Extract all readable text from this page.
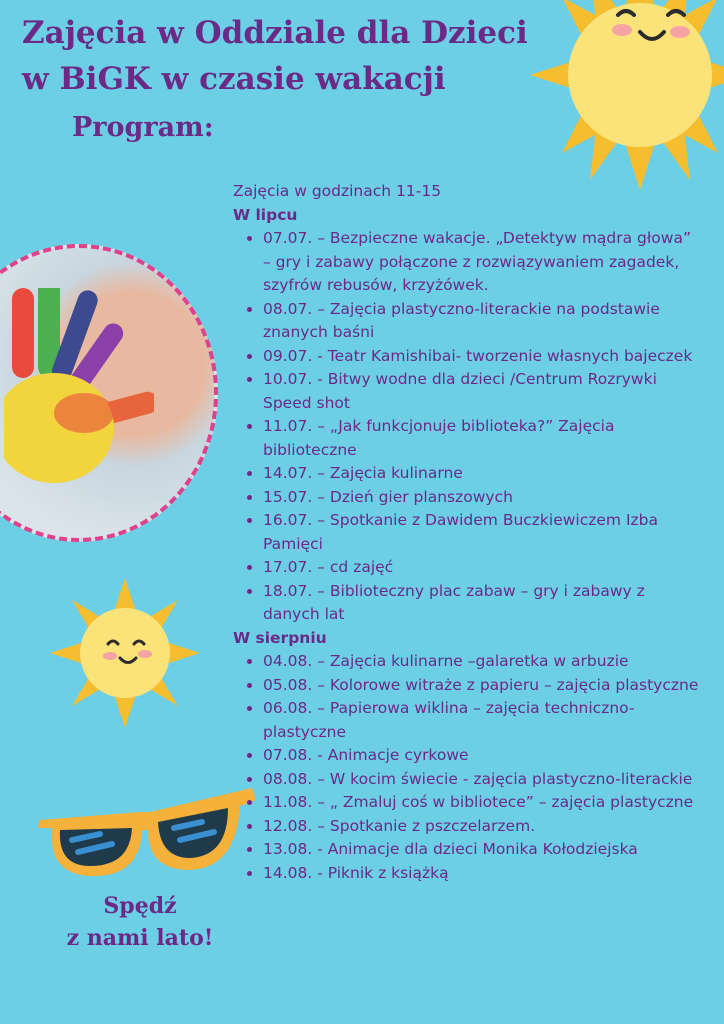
Zajęcia w Oddziale dla Dzieci
w BiGK w czasie wakacji
Program:

Spędź
z nami lato!

Zajęcia w godzinach 11-15

W lipcu

• 07.07. – Bezpieczne wakacje. „Detektyw mądra głowa” – gry i zabawy połączone z rozwiązywaniem zagadek, szyfrów rebusów, krzyżówek.
• 08.07. – Zajęcia plastyczno-literackie na podstawie znanych baśni
• 09.07. - Teatr Kamishibai- tworzenie własnych bajeczek
• 10.07. - Bitwy wodne dla dzieci /Centrum Rozrywki Speed shot
• 11.07. – „Jak funkcjonuje biblioteka?” Zajęcia biblioteczne
• 14.07. – Zajęcia kulinarne
• 15.07. – Dzień gier planszowych
• 16.07. – Spotkanie z Dawidem Buczkiewiczem Izba Pamięci
• 17.07. – cd zajęć
• 18.07. – Biblioteczny plac zabaw – gry i zabawy z danych lat

W sierpniu

• 04.08. – Zajęcia kulinarne –galaretka w arbuzie
• 05.08. – Kolorowe witraże z papieru – zajęcia plastyczne
• 06.08. – Papierowa wiklina – zajęcia techniczno-plastyczne
• 07.08. - Animacje cyrkowe
• 08.08. – W kocim świecie - zajęcia plastyczno-literackie
• 11.08. – „ Zmaluj coś w bibliotece” – zajęcia plastyczne
• 12.08. – Spotkanie z pszczelarzem.
• 13.08. - Animacje dla dzieci Monika Kołodziejska
• 14.08. - Piknik z książką
